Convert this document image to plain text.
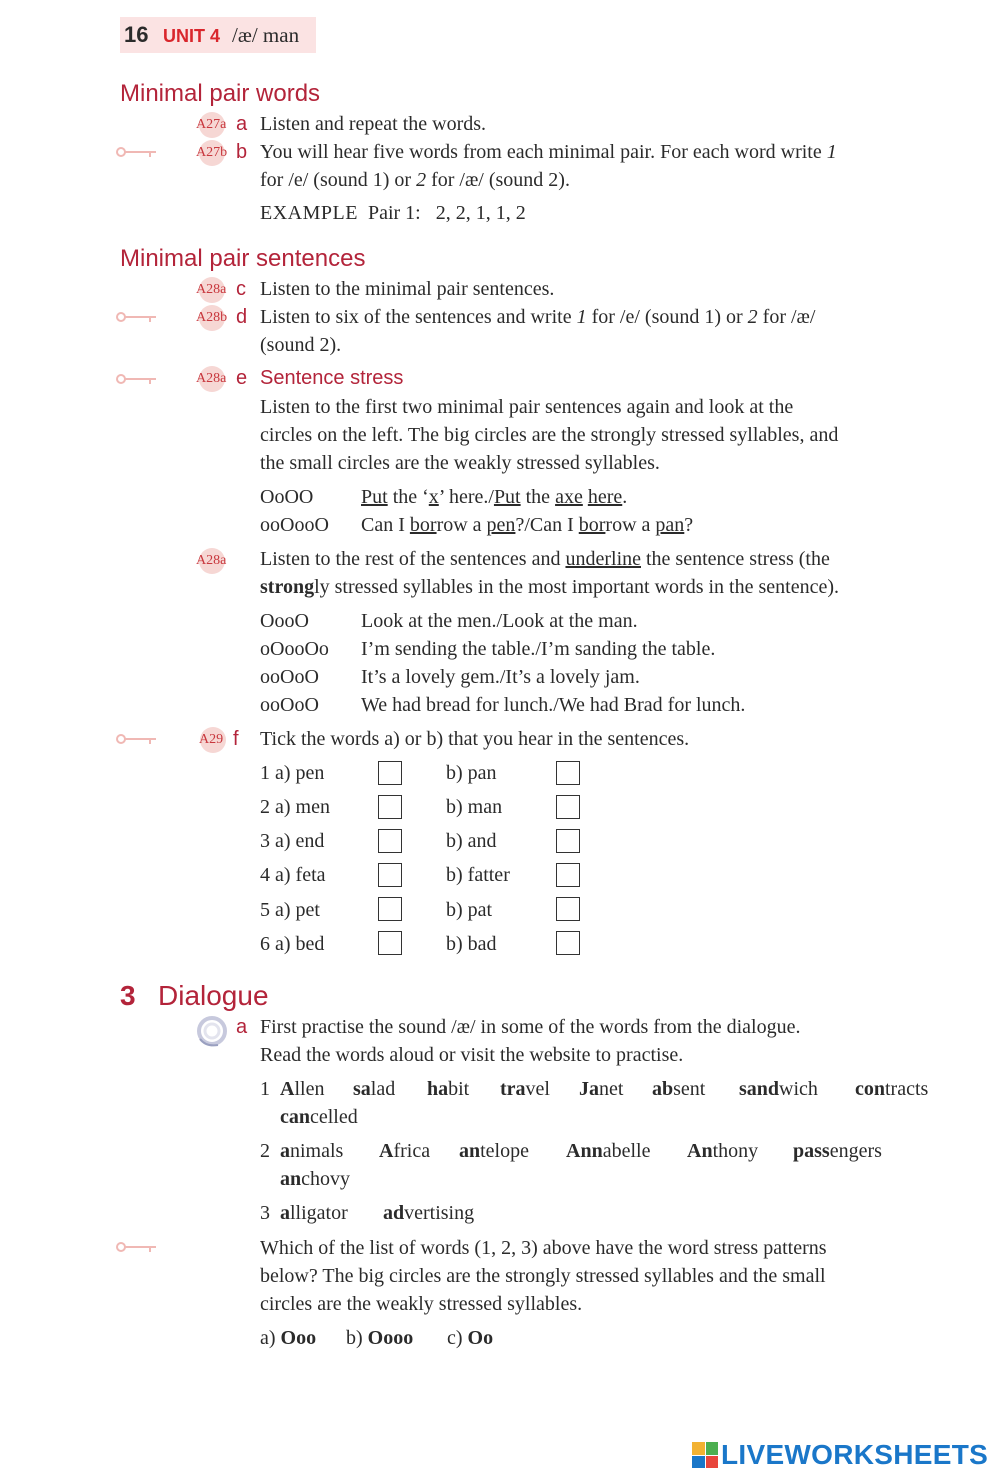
16 UNIT 4 /æ/ man
Minimal pair words
A27a a Listen and repeat the words.
A27b b You will hear five words from each minimal pair. For each word write 1
for /e/ (sound 1) or 2 for /æ/ (sound 2).
EXAMPLE Pair 1: 2, 2, 1, 1, 2
Minimal pair sentences
A28a c Listen to the minimal pair sentences.
A28b d Listen to six of the sentences and write 1 for /e/ (sound 1) or 2 for /æ/
(sound 2).
A28a e Sentence stress
Listen to the first two minimal pair sentences again and look at the
circles on the left. The big circles are the strongly stressed syllables, and
the small circles are the weakly stressed syllables.
OoOO Put the ‘x’ here./Put the axe here.
ooOooO Can I borrow a pen?/Can I borrow a pan?
A28a Listen to the rest of the sentences and underline the sentence stress (the
strongly stressed syllables in the most important words in the sentence).
OooO	Look at the men./Look at the man.
oOooOo I’m sending the table./I’m sanding the table.
ooOoO It’s a lovely gem./It’s a lovely jam.
ooOoO We had bread for lunch./We had Brad for lunch.
A29 f Tick the words a) or b) that you hear in the sentences.
1 a) pen	b) pan
2 a) men	b) man
3 a) end	b) and
4 a) feta	b) fatter
5 a) pet	b) pat
6 a) bed	b) bad
3 Dialogue
a First practise the sound /æ/ in some of the words from the dialogue.
Read the words aloud or visit the website to practise.
1 Allen salad habit travel Janet absent sandwich contracts
cancelled
2 animals Africa antelope Annabelle Anthony passengers
anchovy
3 alligator advertising
Which of the list of words (1, 2, 3) above have the word stress patterns
below? The big circles are the strongly stressed syllables and the small
circles are the weakly stressed syllables.
a) Ooo b) Oooo c) Oo
LIVEWORKSHEETS
